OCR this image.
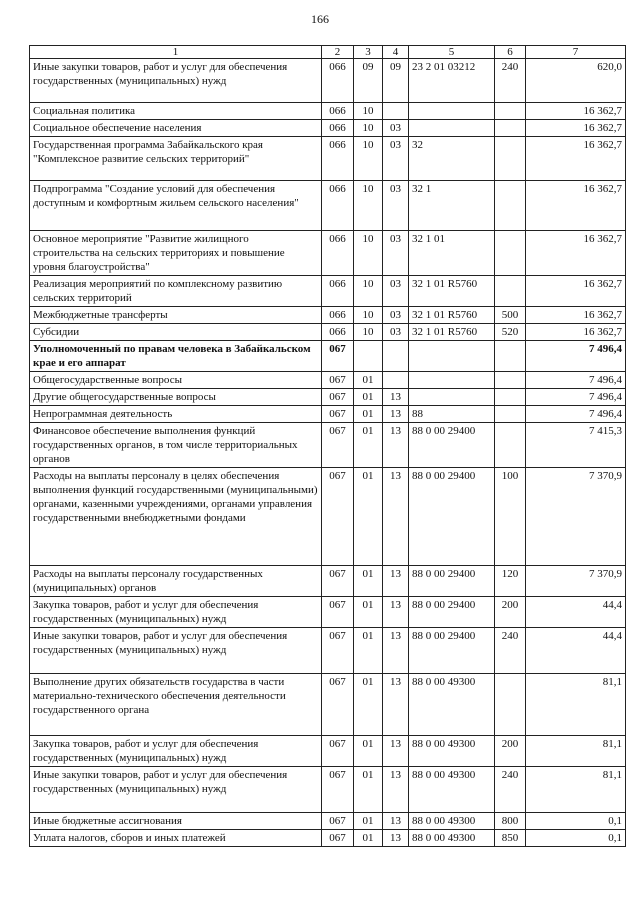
166
1	2	3	4	5	6	7
Иные закупки товаров, работ и услуг для обеспечения государственных (муниципальных) нужд	066	09	09	23 2 01 03212	240	620,0
Социальная политика	066	10				16 362,7
Социальное обеспечение населения	066	10	03			16 362,7
Государственная программа Забайкальского края "Комплексное развитие сельских территорий"	066	10	03	32		16 362,7
Подпрограмма "Создание условий для обеспечения доступным и комфортным жильем сельского населения"	066	10	03	32 1		16 362,7
Основное мероприятие "Развитие жилищного строительства на сельских территориях и повышение уровня благоустройства"	066	10	03	32 1 01		16 362,7
Реализация мероприятий по комплексному развитию сельских территорий	066	10	03	32 1 01 R5760		16 362,7
Межбюджетные трансферты	066	10	03	32 1 01 R5760	500	16 362,7
Субсидии	066	10	03	32 1 01 R5760	520	16 362,7
Уполномоченный по правам человека в Забайкальском крае и его аппарат	067					7 496,4
Общегосударственные вопросы	067	01				7 496,4
Другие общегосударственные вопросы	067	01	13			7 496,4
Непрограммная деятельность	067	01	13	88		7 496,4
Финансовое обеспечение выполнения функций государственных органов, в том числе территориальных органов	067	01	13	88 0 00 29400		7 415,3
Расходы на выплаты персоналу в целях обеспечения выполнения функций государственными (муниципальными) органами, казенными учреждениями, органами управления государственными внебюджетными фондами	067	01	13	88 0 00 29400	100	7 370,9
Расходы на выплаты персоналу государственных (муниципальных) органов	067	01	13	88 0 00 29400	120	7 370,9
Закупка товаров, работ и услуг для обеспечения государственных (муниципальных) нужд	067	01	13	88 0 00 29400	200	44,4
Иные закупки товаров, работ и услуг для обеспечения государственных (муниципальных) нужд	067	01	13	88 0 00 29400	240	44,4
Выполнение других обязательств государства в части материально-технического обеспечения деятельности государственного органа	067	01	13	88 0 00 49300		81,1
Закупка товаров, работ и услуг для обеспечения государственных (муниципальных) нужд	067	01	13	88 0 00 49300	200	81,1
Иные закупки товаров, работ и услуг для обеспечения государственных (муниципальных) нужд	067	01	13	88 0 00 49300	240	81,1
Иные бюджетные ассигнования	067	01	13	88 0 00 49300	800	0,1
Уплата налогов, сборов и иных платежей	067	01	13	88 0 00 49300	850	0,1
